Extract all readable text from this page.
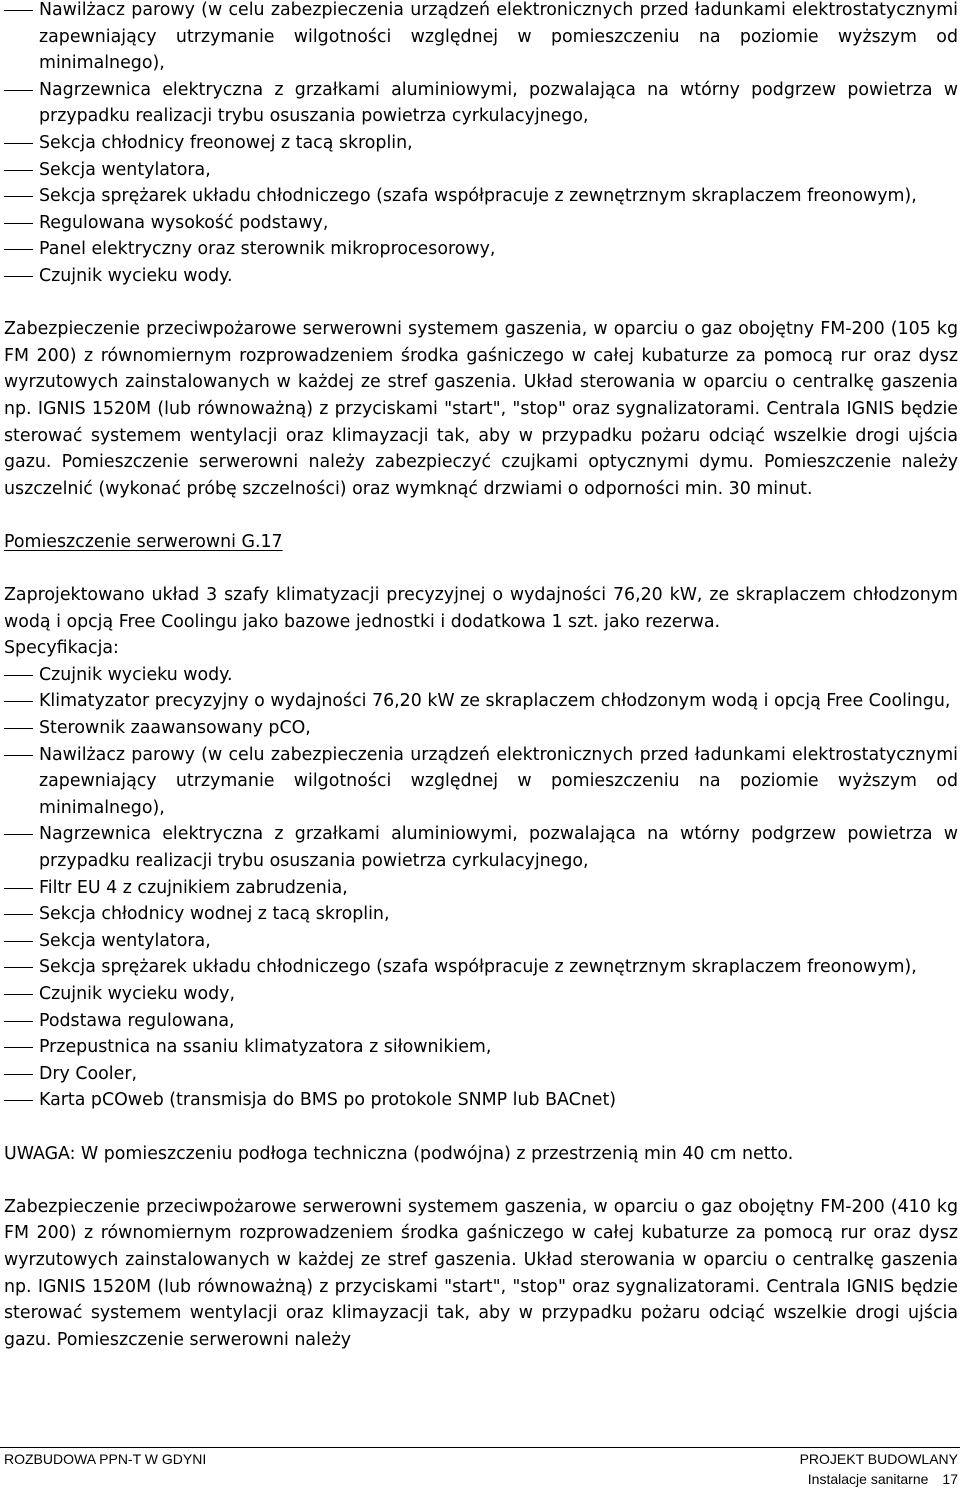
Nawilżacz parowy (w celu zabezpieczenia urządzeń elektronicznych przed ładunkami elektrostatycznymi zapewniający utrzymanie wilgotności względnej w pomieszczeniu na poziomie wyższym od minimalnego),
Nagrzewnica elektryczna z grzałkami aluminiowymi, pozwalająca na wtórny podgrzew powietrza w przypadku realizacji trybu osuszania powietrza cyrkulacyjnego,
Sekcja chłodnicy freonowej z tacą skroplin,
Sekcja wentylatora,
Sekcja sprężarek układu chłodniczego (szafa współpracuje z zewnętrznym skraplaczem freonowym),
Regulowana wysokość podstawy,
Panel elektryczny oraz sterownik mikroprocesorowy,
Czujnik wycieku wody.

Zabezpieczenie przeciwpożarowe serwerowni systemem gaszenia, w oparciu o gaz obojętny FM-200 (105 kg FM 200) z równomiernym rozprowadzeniem środka gaśniczego w całej kubaturze za pomocą rur oraz dysz wyrzutowych zainstalowanych w każdej ze stref gaszenia. Układ sterowania w oparciu o centralkę gaszenia np. IGNIS 1520M (lub równoważną) z przyciskami "start", "stop" oraz sygnalizatorami. Centrala IGNIS będzie sterować systemem wentylacji oraz klimayzacji tak, aby w przypadku pożaru odciąć wszelkie drogi ujścia gazu. Pomieszczenie serwerowni należy zabezpieczyć czujkami optycznymi dymu. Pomieszczenie należy uszczelnić (wykonać próbę szczelności) oraz wymknąć drzwiami o odporności min. 30 minut.

Pomieszczenie serwerowni G.17

Zaprojektowano układ 3 szafy klimatyzacji precyzyjnej o wydajności 76,20 kW, ze skraplaczem chłodzonym wodą i opcją Free Coolingu jako bazowe jednostki i dodatkowa 1 szt. jako rezerwa.

Specyfikacja:

Czujnik wycieku wody.
Klimatyzator precyzyjny o wydajności 76,20 kW ze skraplaczem chłodzonym wodą i opcją Free Coolingu,
Sterownik zaawansowany pCO,
Nawilżacz parowy (w celu zabezpieczenia urządzeń elektronicznych przed ładunkami elektrostatycznymi zapewniający utrzymanie wilgotności względnej w pomieszczeniu na poziomie wyższym od minimalnego),
Nagrzewnica elektryczna z grzałkami aluminiowymi, pozwalająca na wtórny podgrzew powietrza w przypadku realizacji trybu osuszania powietrza cyrkulacyjnego,
Filtr EU 4 z czujnikiem zabrudzenia,
Sekcja chłodnicy wodnej z tacą skroplin,
Sekcja wentylatora,
Sekcja sprężarek układu chłodniczego (szafa współpracuje z zewnętrznym skraplaczem freonowym),
Czujnik wycieku wody,
Podstawa regulowana,
Przepustnica na ssaniu klimatyzatora z siłownikiem,
Dry Cooler,
Karta pCOweb (transmisja do BMS po protokole SNMP lub BACnet)

UWAGA: W pomieszczeniu podłoga techniczna (podwójna) z przestrzenią min 40 cm netto.

Zabezpieczenie przeciwpożarowe serwerowni systemem gaszenia, w oparciu o gaz obojętny FM-200 (410 kg FM 200) z równomiernym rozprowadzeniem środka gaśniczego w całej kubaturze za pomocą rur oraz dysz wyrzutowych zainstalowanych w każdej ze stref gaszenia. Układ sterowania w oparciu o centralkę gaszenia np. IGNIS 1520M (lub równoważną) z przyciskami "start", "stop" oraz sygnalizatorami. Centrala IGNIS będzie sterować systemem wentylacji oraz klimayzacji tak, aby w przypadku pożaru odciąć wszelkie drogi ujścia gazu. Pomieszczenie serwerowni należy

ROZBUDOWA PPN-T W GDYNI	PROJEKT BUDOWLANY
Instalacje sanitarne 17
